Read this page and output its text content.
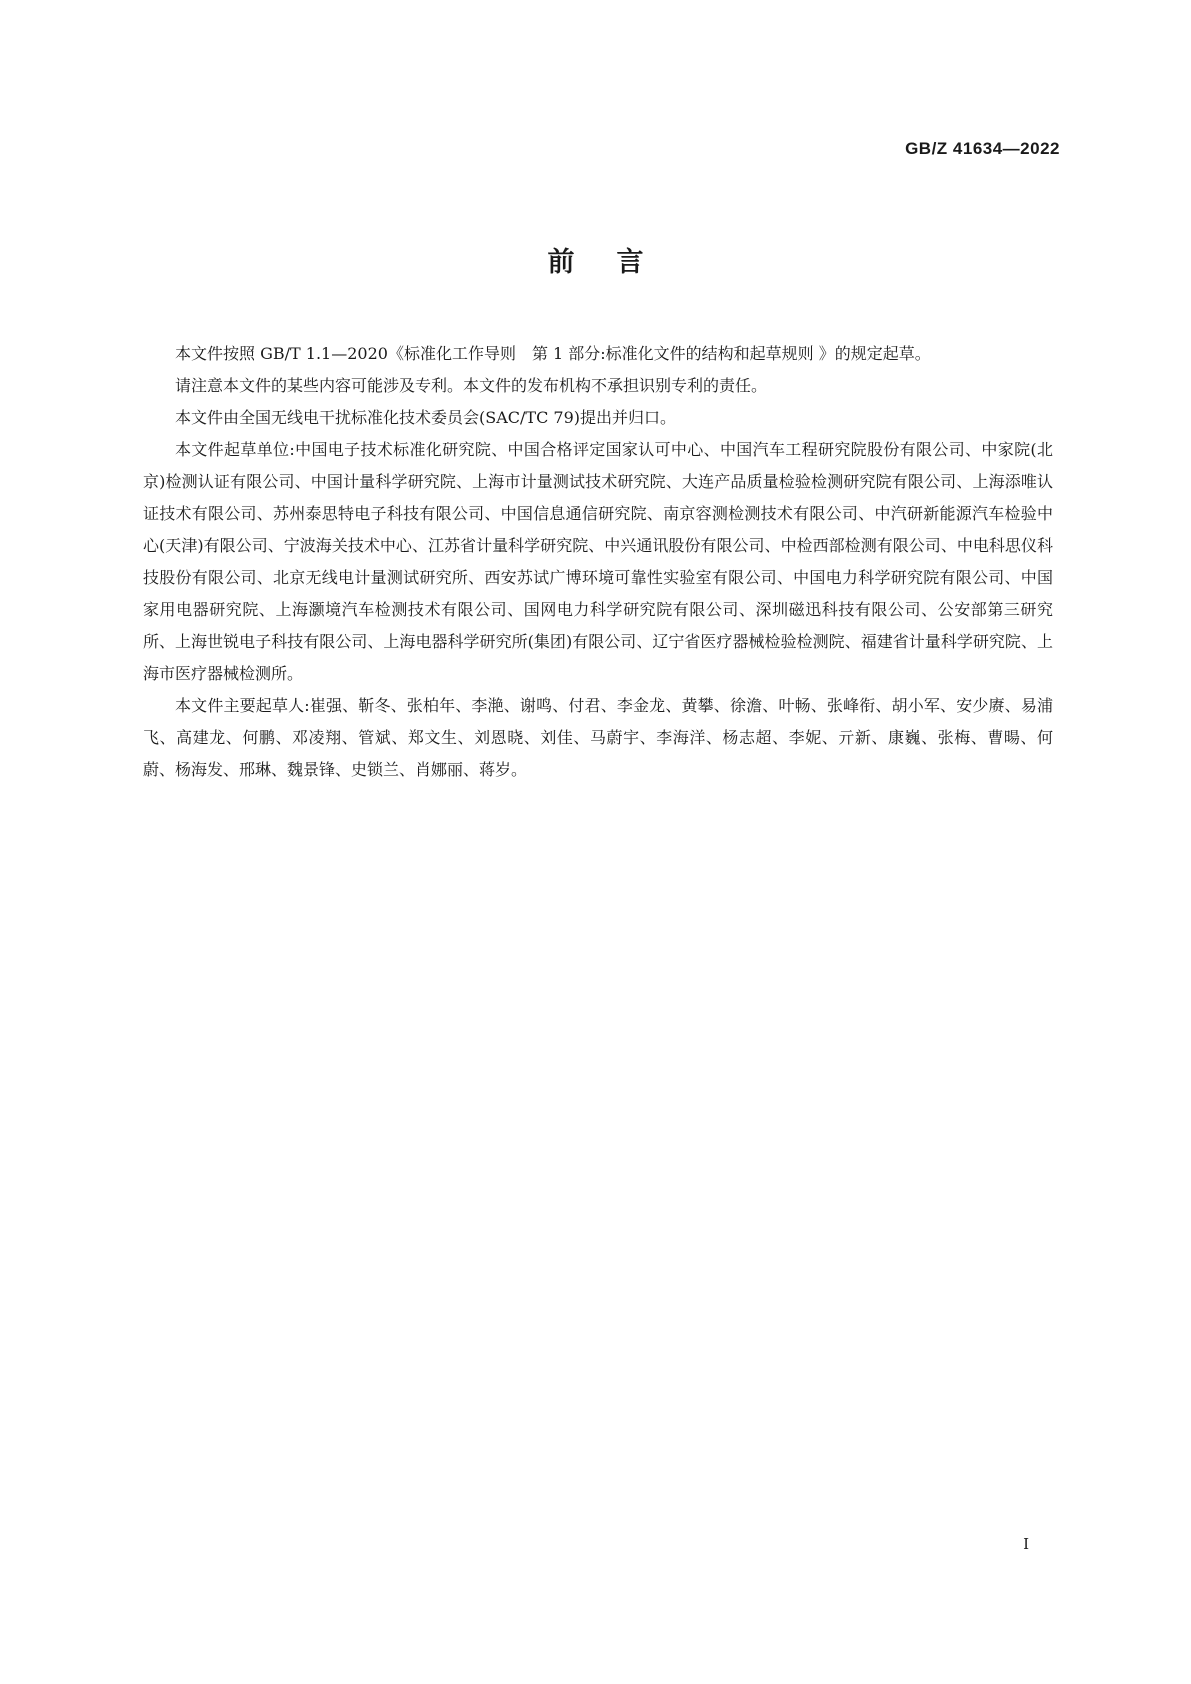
GB/Z 41634—2022
前言

本文件按照 GB/T 1.1—2020《标准化工作导则　第 1 部分:标准化文件的结构和起草规则 》的规定起草。

请注意本文件的某些内容可能涉及专利。本文件的发布机构不承担识别专利的责任。

本文件由全国无线电干扰标准化技术委员会(SAC/TC 79)提出并归口。

本文件起草单位:中国电子技术标准化研究院、中国合格评定国家认可中心、中国汽车工程研究院股份有限公司、中家院(北京)检测认证有限公司、中国计量科学研究院、上海市计量测试技术研究院、大连产品质量检验检测研究院有限公司、上海添唯认证技术有限公司、苏州泰思特电子科技有限公司、中国信息通信研究院、南京容测检测技术有限公司、中汽研新能源汽车检验中心(天津)有限公司、宁波海关技术中心、江苏省计量科学研究院、中兴通讯股份有限公司、中检西部检测有限公司、中电科思仪科技股份有限公司、北京无线电计量测试研究所、西安苏试广博环境可靠性实验室有限公司、中国电力科学研究院有限公司、中国家用电器研究院、上海灏境汽车检测技术有限公司、国网电力科学研究院有限公司、深圳磁迅科技有限公司、公安部第三研究所、上海世锐电子科技有限公司、上海电器科学研究所(集团)有限公司、辽宁省医疗器械检验检测院、福建省计量科学研究院、上海市医疗器械检测所。

本文件主要起草人:崔强、靳冬、张柏年、李滟、谢鸣、付君、李金龙、黄攀、徐澹、叶畅、张峰衔、胡小军、安少赓、易浦飞、高建龙、何鹏、邓凌翔、管斌、郑文生、刘恩晓、刘佳、马蔚宇、李海洋、杨志超、李妮、亓新、康巍、张梅、曹暘、何蔚、杨海发、邢琳、魏景锋、史锁兰、肖娜丽、蒋岁。

I
